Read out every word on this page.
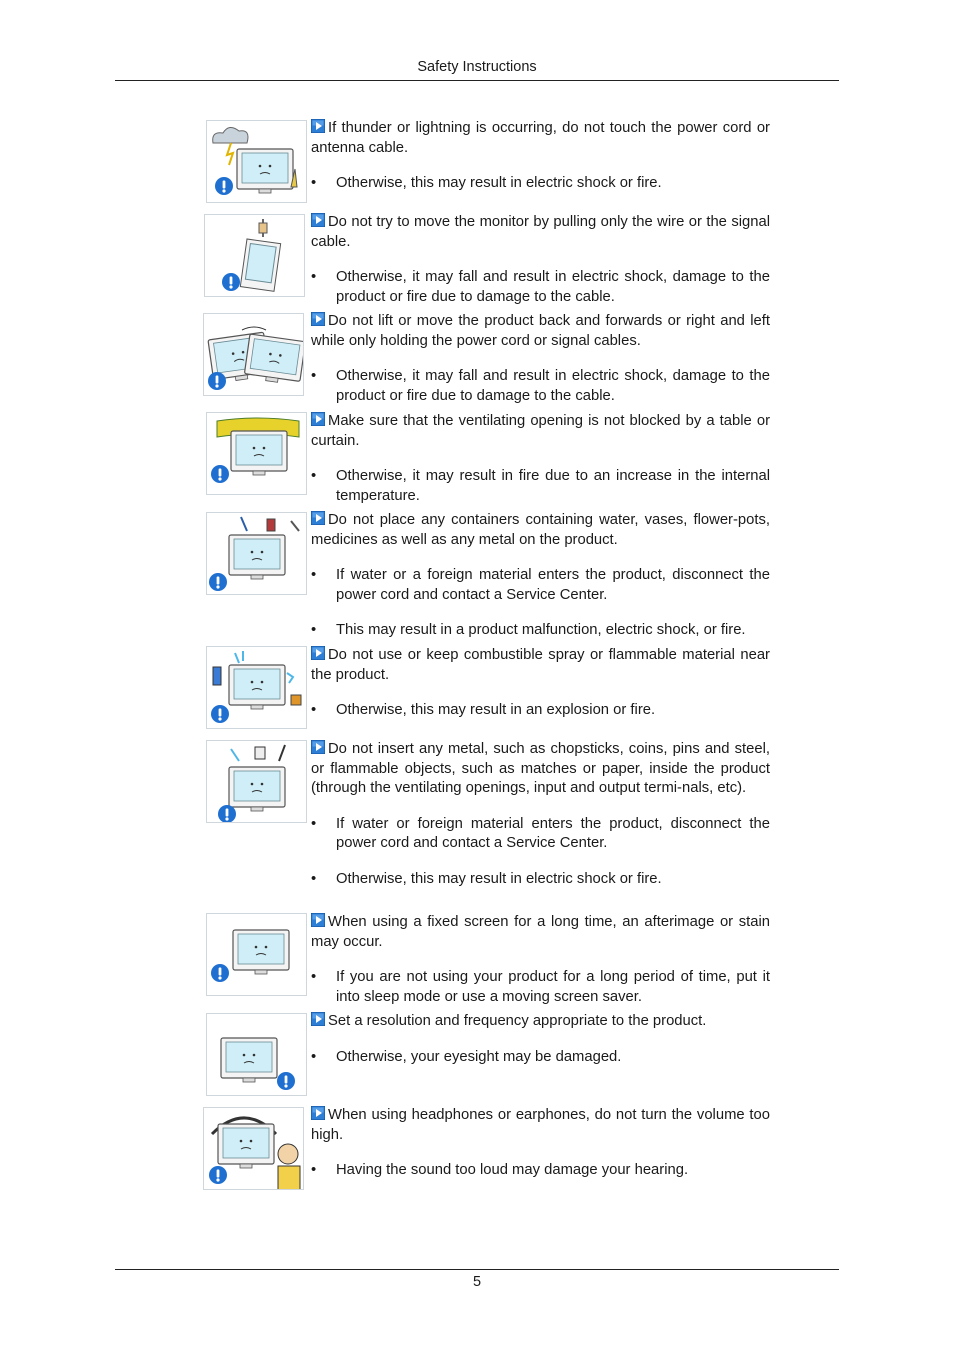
Safety Instructions

If thunder or lightning is occurring, do not touch the power cord or antenna cable.

• Otherwise, this may result in electric shock or fire.

Do not try to move the monitor by pulling only the wire or the signal cable.

• Otherwise, it may fall and result in electric shock, damage to the product or fire due to damage to the cable.

Do not lift or move the product back and forwards or right and left while only holding the power cord or signal cables.

• Otherwise, it may fall and result in electric shock, damage to the product or fire due to damage to the cable.

Make sure that the ventilating opening is not blocked by a table or curtain.

• Otherwise, it may result in fire due to an increase in the internal temperature.

Do not place any containers containing water, vases, flower-pots, medicines as well as any metal on the product.

• If water or a foreign material enters the product, disconnect the power cord and contact a Service Center.

• This may result in a product malfunction, electric shock, or fire.

Do not use or keep combustible spray or flammable material near the product.

• Otherwise, this may result in an explosion or fire.

Do not insert any metal, such as chopsticks, coins, pins and steel, or flammable objects, such as matches or paper, inside the product (through the ventilating openings, input and output termi-nals, etc).

• If water or foreign material enters the product, disconnect the power cord and contact a Service Center.

• Otherwise, this may result in electric shock or fire.

When using a fixed screen for a long time, an afterimage or stain may occur.

• If you are not using your product for a long period of time, put it into sleep mode or use a moving screen saver.

Set a resolution and frequency appropriate to the product.

• Otherwise, your eyesight may be damaged.

When using headphones or earphones, do not turn the volume too high.

• Having the sound too loud may damage your hearing.

5
